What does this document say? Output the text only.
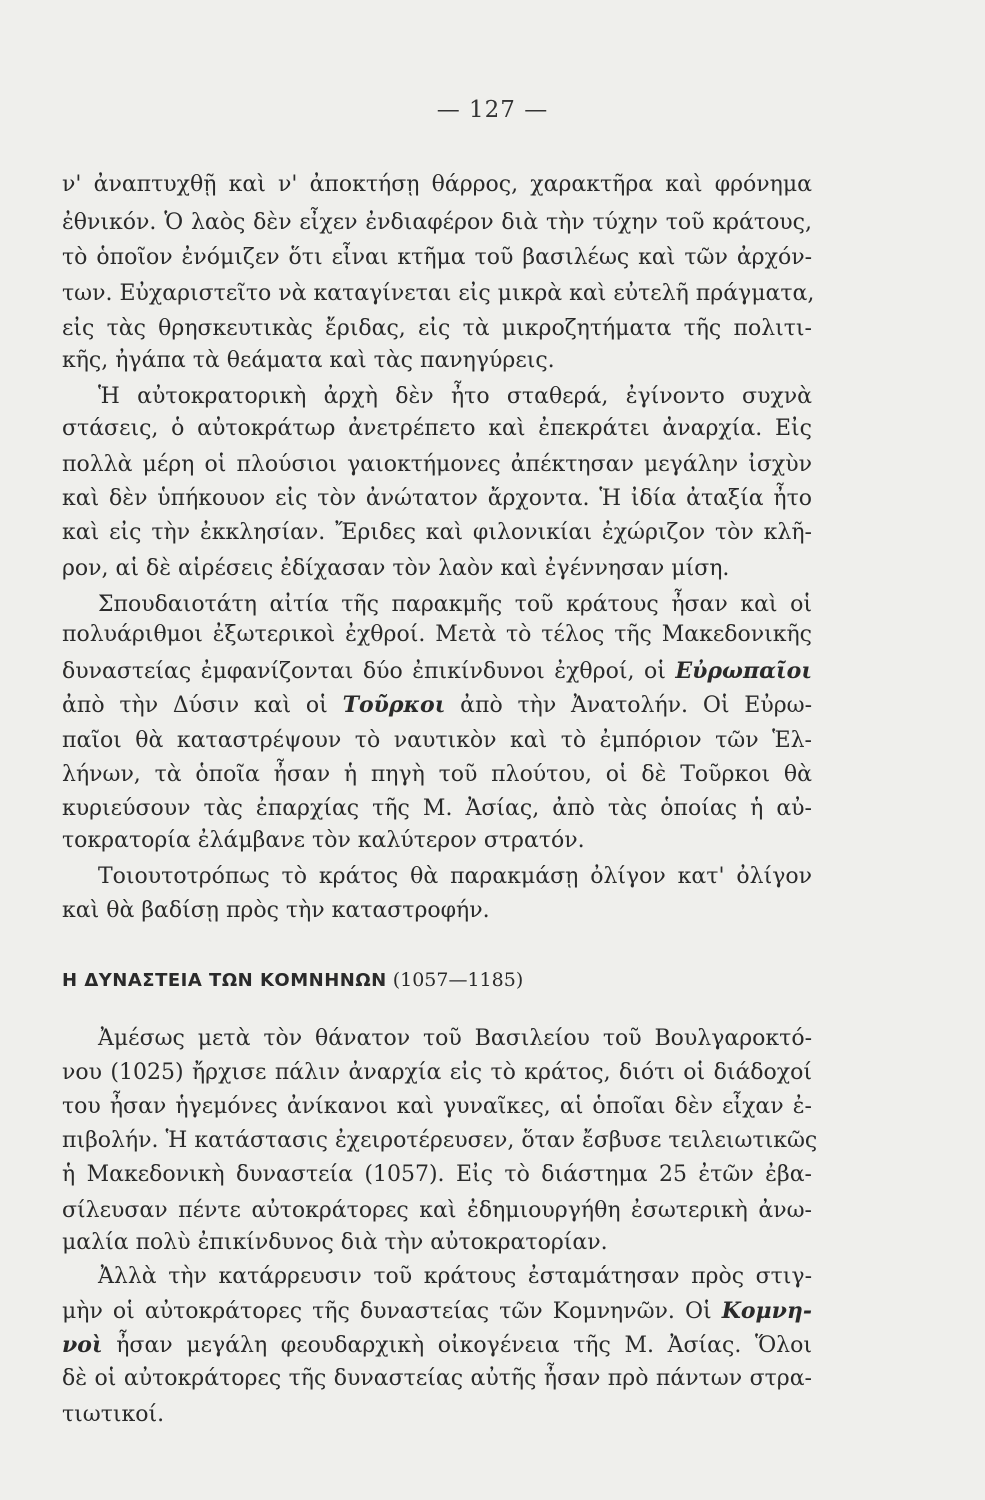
— 127 —
ν' ἀναπτυχθῇ καὶ ν' ἀποκτήσῃ θάρρος, χαρακτῆρα καὶ φρόνημα
ἐθνικόν. Ὁ λαὸς δὲν εἶχεν ἐνδιαφέρον διὰ τὴν τύχην τοῦ κράτους,
τὸ ὁποῖον ἐνόμιζεν ὅτι εἶναι κτῆμα τοῦ βασιλέως καὶ τῶν ἀρχόν-
των. Εὐχαριστεῖτο νὰ καταγίνεται εἰς μικρὰ καὶ εὐτελῆ πράγματα,
εἰς τὰς θρησκευτικὰς ἔριδας, εἰς τὰ μικροζητήματα τῆς πολιτι-
κῆς, ἠγάπα τὰ θεάματα καὶ τὰς πανηγύρεις.
Ἡ αὐτοκρατορικὴ ἀρχὴ δὲν ἦτο σταθερά, ἐγίνοντο συχνὰ
στάσεις, ὁ αὐτοκράτωρ ἀνετρέπετο καὶ ἐπεκράτει ἀναρχία. Εἰς
πολλὰ μέρη οἱ πλούσιοι γαιοκτήμονες ἀπέκτησαν μεγάλην ἰσχὺν
καὶ δὲν ὑπήκουον εἰς τὸν ἀνώτατον ἄρχοντα. Ἡ ἰδία ἀταξία ἦτο
καὶ εἰς τὴν ἐκκλησίαν. Ἔριδες καὶ φιλονικίαι ἐχώριζον τὸν κλῆ-
ρον, αἱ δὲ αἱρέσεις ἐδίχασαν τὸν λαὸν καὶ ἐγέννησαν μίση.
Σπουδαιοτάτη αἰτία τῆς παρακμῆς τοῦ κράτους ἦσαν καὶ οἱ
πολυάριθμοι ἐξωτερικοὶ ἐχθροί. Μετὰ τὸ τέλος τῆς Μακεδονικῆς
δυναστείας ἐμφανίζονται δύο ἐπικίνδυνοι ἐχθροί, οἱ Εὐρωπαῖοι
ἀπὸ τὴν Δύσιν καὶ οἱ Τοῦρκοι ἀπὸ τὴν Ἀνατολήν. Οἱ Εὐρω-
παῖοι θὰ καταστρέψουν τὸ ναυτικὸν καὶ τὸ ἐμπόριον τῶν Ἑλ-
λήνων, τὰ ὁποῖα ἦσαν ἡ πηγὴ τοῦ πλούτου, οἱ δὲ Τοῦρκοι θὰ
κυριεύσουν τὰς ἐπαρχίας τῆς Μ. Ἀσίας, ἀπὸ τὰς ὁποίας ἡ αὐ-
τοκρατορία ἐλάμβανε τὸν καλύτερον στρατόν.
Τοιουτοτρόπως τὸ κράτος θὰ παρακμάσῃ ὀλίγον κατ' ὀλίγον
καὶ θὰ βαδίσῃ πρὸς τὴν καταστροφήν.
Η ΔΥΝΑΣΤΕΙΑ ΤΩΝ ΚΟΜΝΗΝΩΝ (1057—1185)
Ἀμέσως μετὰ τὸν θάνατον τοῦ Βασιλείου τοῦ Βουλγαροκτό-
νου (1025) ἤρχισε πάλιν ἀναρχία εἰς τὸ κράτος, διότι οἱ διάδοχοί
του ἦσαν ἡγεμόνες ἀνίκανοι καὶ γυναῖκες, αἱ ὁποῖαι δὲν εἶχαν ἐ-
πιβολήν. Ἡ κατάστασις ἐχειροτέρευσεν, ὅταν ἔσβυσε τειλειωτικῶς
ἡ Μακεδονικὴ δυναστεία (1057). Εἰς τὸ διάστημα 25 ἐτῶν ἐβα-
σίλευσαν πέντε αὐτοκράτορες καὶ ἐδημιουργήθη ἐσωτερικὴ ἀνω-
μαλία πολὺ ἐπικίνδυνος διὰ τὴν αὐτοκρατορίαν.
Ἀλλὰ τὴν κατάρρευσιν τοῦ κράτους ἐσταμάτησαν πρὸς στιγ-
μὴν οἱ αὐτοκράτορες τῆς δυναστείας τῶν Κομνηνῶν. Οἱ Κομνη-
νοὶ ἦσαν μεγάλη φεουδαρχικὴ οἰκογένεια τῆς Μ. Ἀσίας. Ὅλοι
δὲ οἱ αὐτοκράτορες τῆς δυναστείας αὐτῆς ἦσαν πρὸ πάντων στρα-
τιωτικοί.
